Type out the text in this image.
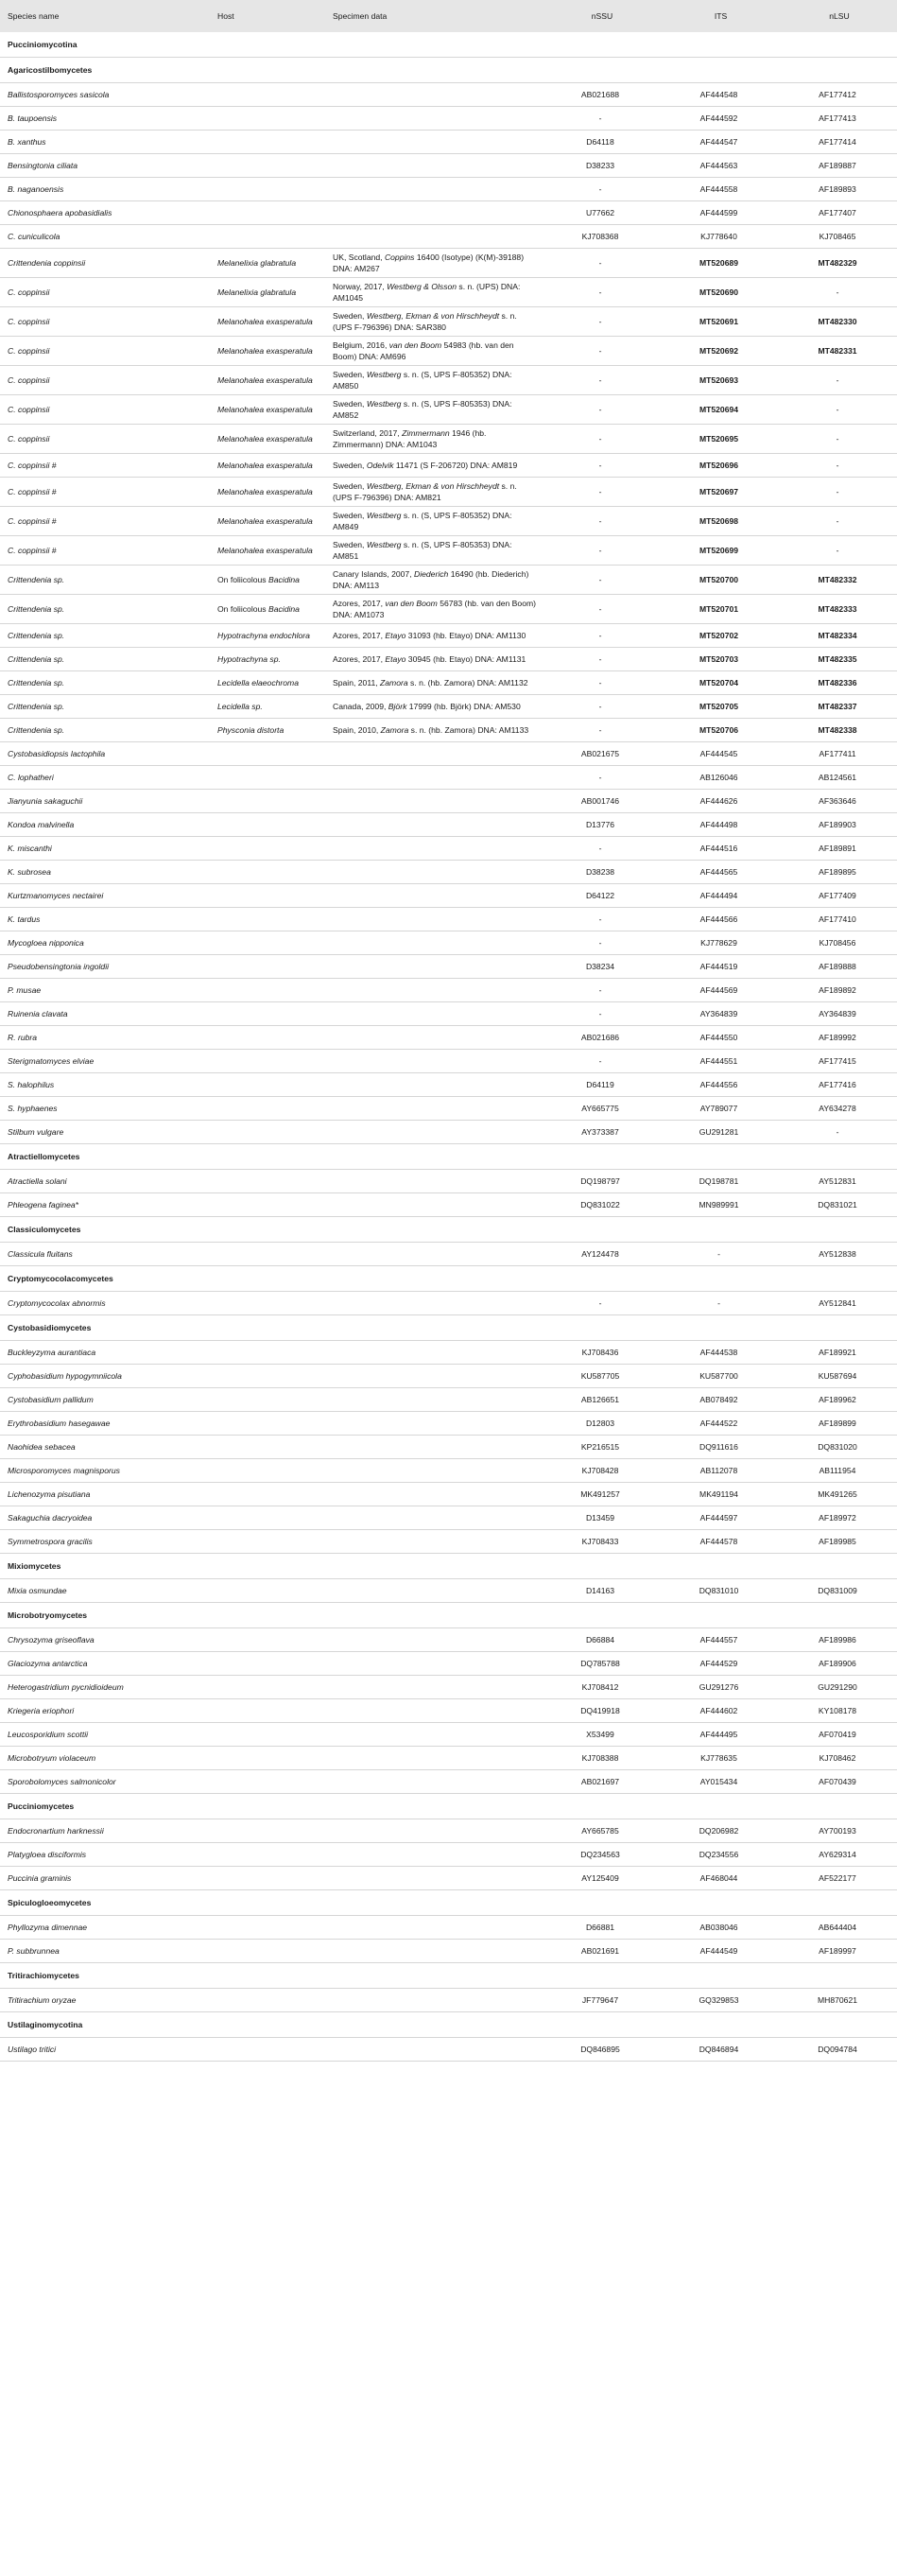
Species name	Host	Specimen data	nSSU	ITS	nLSU
Pucciniomycotina					
Agaricostilbomycetes					
Ballistosporomyces sasicola			AB021688	AF444548	AF177412
B. taupoensis			-	AF444592	AF177413
B. xanthus			D64118	AF444547	AF177414
Bensingtonia ciliata			D38233	AF444563	AF189887
B. naganoensis			-	AF444558	AF189893
Chionosphaera apobasidialis			U77662	AF444599	AF177407
C. cuniculicola			KJ708368	KJ778640	KJ708465
Crittendenia coppinsii	Melanelixia glabratula	UK, Scotland, Coppins 16400 (Isotype) (K(M)-39188) DNA: AM267	-	MT520689	MT482329
C. coppinsii	Melanelixia glabratula	Norway, 2017, Westberg & Olsson s. n. (UPS) DNA: AM1045	-	MT520690	-
C. coppinsii	Melanohalea exasperatula	Sweden, Westberg, Ekman & von Hirschheydt s. n. (UPS F-796396) DNA: SAR380	-	MT520691	MT482330
C. coppinsii	Melanohalea exasperatula	Belgium, 2016, van den Boom 54983 (hb. van den Boom) DNA: AM696	-	MT520692	MT482331
C. coppinsii	Melanohalea exasperatula	Sweden, Westberg s. n. (S, UPS F-805352) DNA: AM850	-	MT520693	-
C. coppinsii	Melanohalea exasperatula	Sweden, Westberg s. n. (S, UPS F-805353) DNA: AM852	-	MT520694	-
C. coppinsii	Melanohalea exasperatula	Switzerland, 2017, Zimmermann 1946 (hb. Zimmermann) DNA: AM1043	-	MT520695	-
C. coppinsii #	Melanohalea exasperatula	Sweden, Odelvik 11471 (S F-206720) DNA: AM819	-	MT520696	-
C. coppinsii #	Melanohalea exasperatula	Sweden, Westberg, Ekman & von Hirschheydt s. n. (UPS F-796396) DNA: AM821	-	MT520697	-
C. coppinsii #	Melanohalea exasperatula	Sweden, Westberg s. n. (S, UPS F-805352) DNA: AM849	-	MT520698	-
C. coppinsii #	Melanohalea exasperatula	Sweden, Westberg s. n. (S, UPS F-805353) DNA: AM851	-	MT520699	-
Crittendenia sp.	On foliicolous Bacidina	Canary Islands, 2007, Diederich 16490 (hb. Diederich) DNA: AM113	-	MT520700	MT482332
Crittendenia sp.	On foliicolous Bacidina	Azores, 2017, van den Boom 56783 (hb. van den Boom) DNA: AM1073	-	MT520701	MT482333
Crittendenia sp.	Hypotrachyna endochlora	Azores, 2017, Etayo 31093 (hb. Etayo) DNA: AM1130	-	MT520702	MT482334
Crittendenia sp.	Hypotrachyna sp.	Azores, 2017, Etayo 30945 (hb. Etayo) DNA: AM1131	-	MT520703	MT482335
Crittendenia sp.	Lecidella elaeochroma	Spain, 2011, Zamora s. n. (hb. Zamora) DNA: AM1132	-	MT520704	MT482336
Crittendenia sp.	Lecidella sp.	Canada, 2009, Björk 17999 (hb. Björk) DNA: AM530	-	MT520705	MT482337
Crittendenia sp.	Physconia distorta	Spain, 2010, Zamora s. n. (hb. Zamora) DNA: AM1133	-	MT520706	MT482338
Cystobasidiopsis lactophila			AB021675	AF444545	AF177411
C. lophatheri			-	AB126046	AB124561
Jianyunia sakaguchii			AB001746	AF444626	AF363646
Kondoa malvinella			D13776	AF444498	AF189903
K. miscanthi			-	AF444516	AF189891
K. subrosea			D38238	AF444565	AF189895
Kurtzmanomyces nectairei			D64122	AF444494	AF177409
K. tardus			-	AF444566	AF177410
Mycogloea nipponica			-	KJ778629	KJ708456
Pseudobensingtonia ingoldii			D38234	AF444519	AF189888
P. musae			-	AF444569	AF189892
Ruinenia clavata			-	AY364839	AY364839
R. rubra			AB021686	AF444550	AF189992
Sterigmatomyces elviae			-	AF444551	AF177415
S. halophilus			D64119	AF444556	AF177416
S. hyphaenes			AY665775	AY789077	AY634278
Stilbum vulgare			AY373387	GU291281	-
Atractiellomycetes					
Atractiella solani			DQ198797	DQ198781	AY512831
Phleogena faginea*			DQ831022	MN989991	DQ831021
Classiculomycetes					
Classicula fluitans			AY124478	-	AY512838
Cryptomycocolacomycetes					
Cryptomycocolax abnormis			-	-	AY512841
Cystobasidiomycetes					
Buckleyzyma aurantiaca			KJ708436	AF444538	AF189921
Cyphobasidium hypogymniicola			KU587705	KU587700	KU587694
Cystobasidium pallidum			AB126651	AB078492	AF189962
Erythrobasidium hasegawae			D12803	AF444522	AF189899
Naohidea sebacea			KP216515	DQ911616	DQ831020
Microsporomyces magnisporus			KJ708428	AB112078	AB111954
Lichenozyma pisutiana			MK491257	MK491194	MK491265
Sakaguchia dacryoidea			D13459	AF444597	AF189972
Symmetrospora gracilis			KJ708433	AF444578	AF189985
Mixiomycetes					
Mixia osmundae			D14163	DQ831010	DQ831009
Microbotryomycetes					
Chrysozyma griseoflava			D66884	AF444557	AF189986
Glaciozyma antarctica			DQ785788	AF444529	AF189906
Heterogastridium pycnidioideum			KJ708412	GU291276	GU291290
Kriegeria eriophori			DQ419918	AF444602	KY108178
Leucosporidium scottii			X53499	AF444495	AF070419
Microbotryum violaceum			KJ708388	KJ778635	KJ708462
Sporobolomyces salmonicolor			AB021697	AY015434	AF070439
Pucciniomycetes					
Endocronartium harknessii			AY665785	DQ206982	AY700193
Platygloea disciformis			DQ234563	DQ234556	AY629314
Puccinia graminis			AY125409	AF468044	AF522177
Spiculogloeomycetes					
Phyllozyma dimennae			D66881	AB038046	AB644404
P. subbrunnea			AB021691	AF444549	AF189997
Tritirachiomycetes					
Tritirachium oryzae			JF779647	GQ329853	MH870621
Ustilaginomycotina					
Ustilago tritici			DQ846895	DQ846894	DQ094784
